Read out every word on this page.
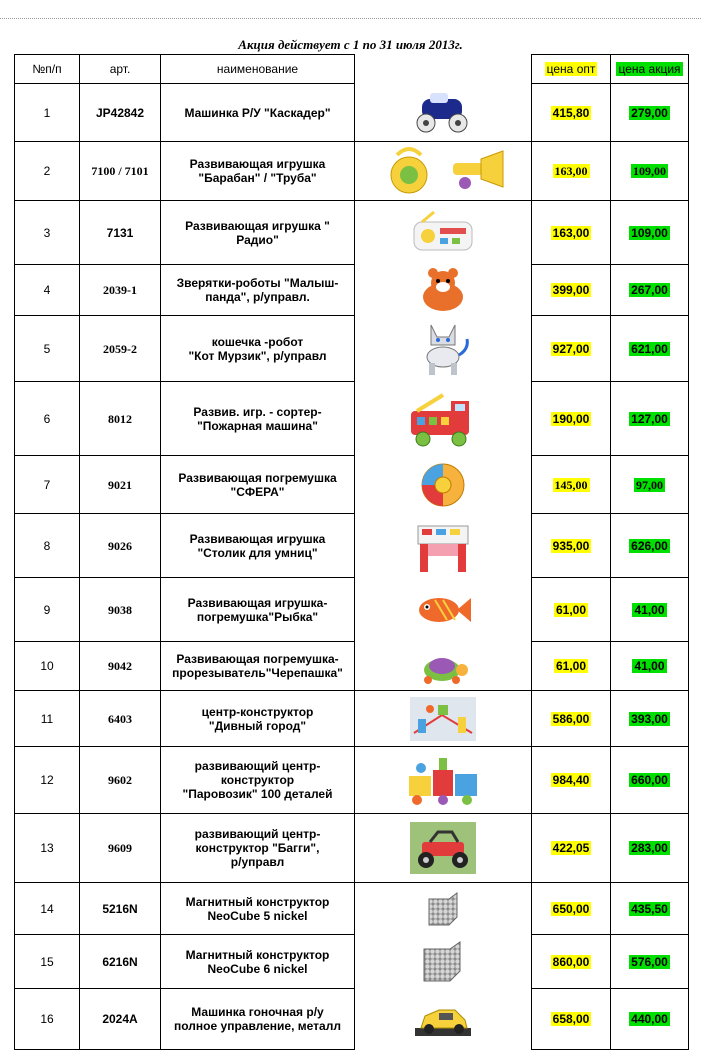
Акция действует с 1 по 31 июля 2013г.
№п/п	арт.	наименование		цена опт	цена акция
1	JP42842	Машинка Р/У "Каскадер"		415,80	279,00
2	7100 / 7101	Развивающая игрушка
"Барабан" / "Труба"		163,00	109,00
3	7131	Развивающая игрушка "
Радио"		163,00	109,00
4	2039-1	Зверятки-роботы "Малыш-
панда", р/управл.		399,00	267,00
5	2059-2	кошечка -робот
"Кот Мурзик", р/управл		927,00	621,00
6	8012	Развив. игр. - сортер-
"Пожарная машина"		190,00	127,00
7	9021	Развивающая погремушка
"СФЕРА"		145,00	97,00
8	9026	Развивающая игрушка
"Столик для умниц"		935,00	626,00
9	9038	Развивающая игрушка-
погремушка"Рыбка"		61,00	41,00
10	9042	Развивающая погремушка-
прорезыватель"Черепашка"		61,00	41,00
11	6403	центр-конструктор
"Дивный город"		586,00	393,00
12	9602	развивающий центр-
конструктор
"Паровозик" 100 деталей		984,40	660,00
13	9609	развивающий центр-
конструктор "Багги",
р/управл		422,05	283,00
14	5216N	Магнитный конструктор
NeoCube 5 nickel		650,00	435,50
15	6216N	Магнитный конструктор
NeoCube 6 nickel		860,00	576,00
16	2024A	Машинка гоночная р/у
полное управление, металл		658,00	440,00
